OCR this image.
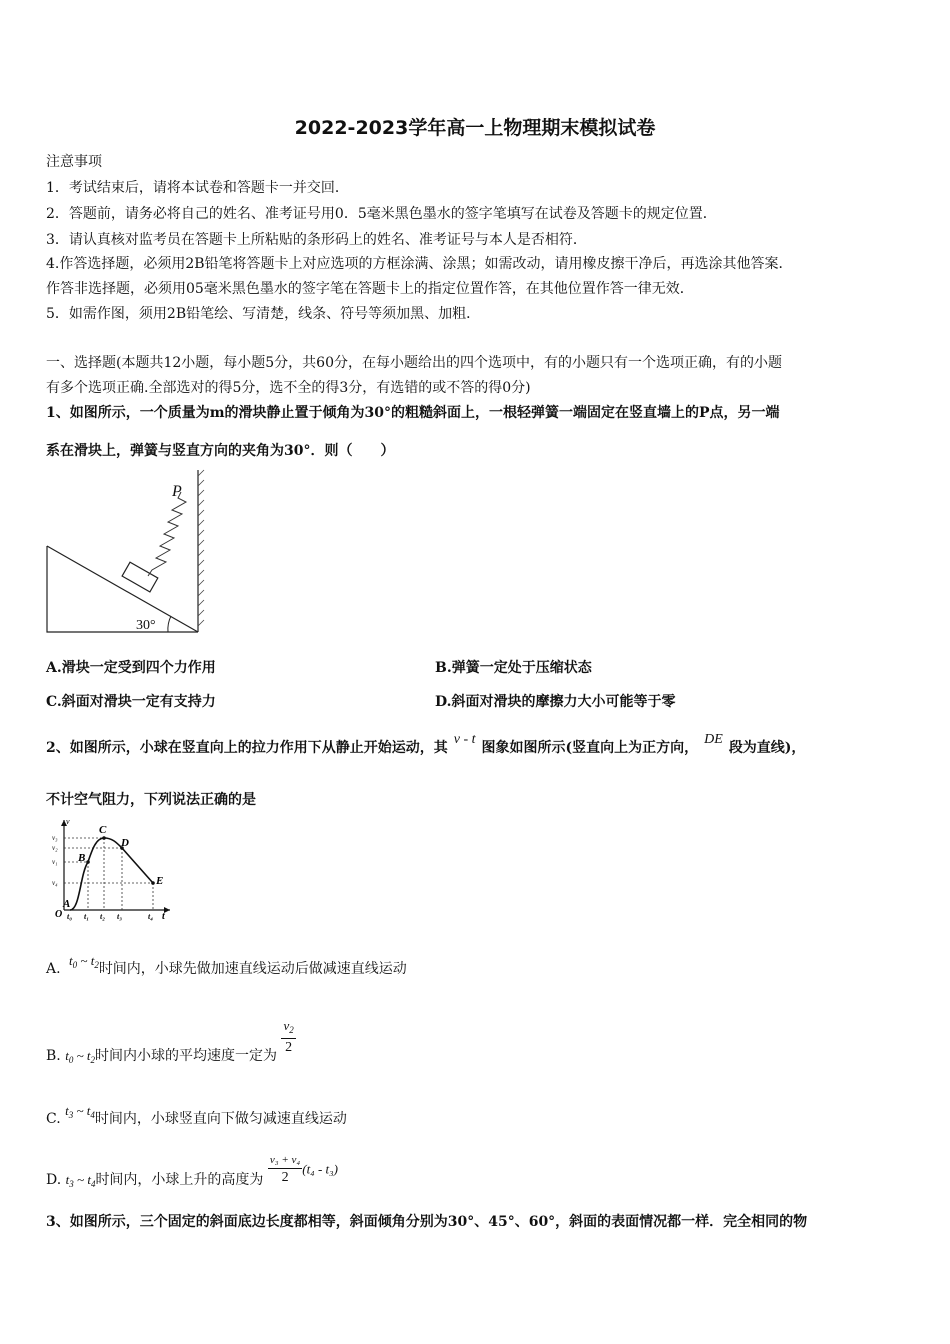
2022-2023学年高一上物理期末模拟试卷
注意事项
1．考试结束后，请将本试卷和答题卡一并交回．
2．答题前，请务必将自己的姓名、准考证号用0．5毫米黑色墨水的签字笔填写在试卷及答题卡的规定位置．
3．请认真核对监考员在答题卡上所粘贴的条形码上的姓名、准考证号与本人是否相符．
4.作答选择题，必须用2B铅笔将答题卡上对应选项的方框涂满、涂黑；如需改动，请用橡皮擦干净后，再选涂其他答案．
作答非选择题，必须用05毫米黑色墨水的签字笔在答题卡上的指定位置作答，在其他位置作答一律无效．
5．如需作图，须用2B铅笔绘、写清楚，线条、符号等须加黑、加粗．
一、选择题(本题共12小题，每小题5分，共60分，在每小题给出的四个选项中，有的小题只有一个选项正确，有的小题
有多个选项正确.全部选对的得5分，选不全的得3分，有选错的或不答的得0分)
1、如图所示，一个质量为m的滑块静止置于倾角为30°的粗糙斜面上，一根轻弹簧一端固定在竖直墙上的P点，另一端
系在滑块上，弹簧与竖直方向的夹角为30°．则（　　）
30°
P
A.滑块一定受到四个力作用	B.弹簧一定处于压缩状态
C.斜面对滑块一定有支持力	D.斜面对滑块的摩擦力大小可能等于零
2、如图所示，小球在竖直向上的拉力作用下从静止开始运动，其v - t图象如图所示(竖直向上为正方向，DE段为直线)，
不计空气阻力，下列说法正确的是
A
B
C
D
E
v
v₃
v₂
v₁
v₄
O t₀ t₁ t₂ t₃	t₄ t
A. $t_0$ ~ $t_2$时间内，小球先做加速直线运动后做减速直线运动
B. $t_0$ ~ $t_2$时间内小球的平均速度一定为 $\frac{v_2}{2}$
C. $t_3$ ~ $t_4$时间内，小球竖直向下做匀减速直线运动
D. $t_3$ ~ $t_4$时间内，小球上升的高度为 $\frac{\text{v₃ + v₄}}{2} (t_4 - t_3)$
3、如图所示，三个固定的斜面底边长度都相等，斜面倾角分别为30°、45°、60°，斜面的表面情况都一样．完全相同的物
